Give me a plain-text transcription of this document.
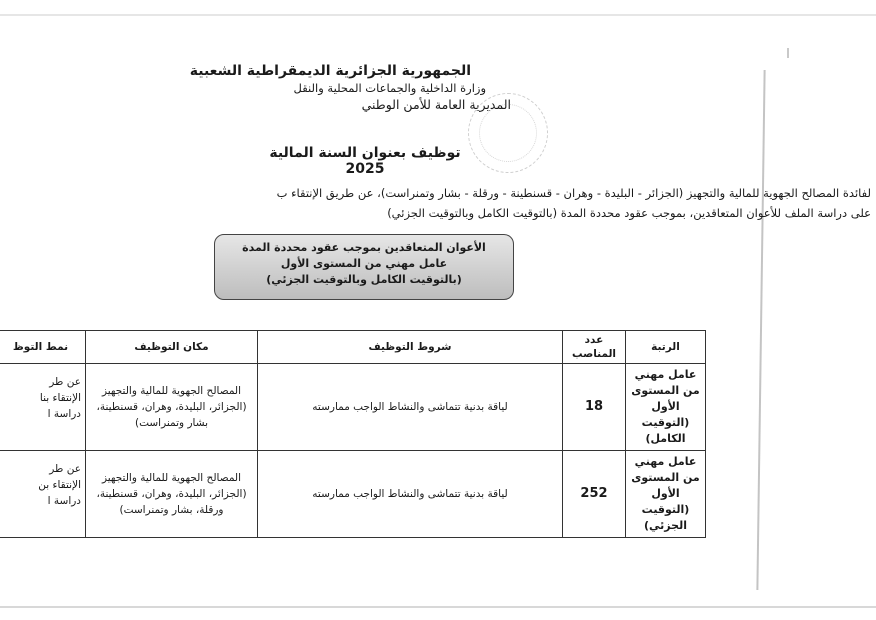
الجمهورية الجزائرية الديمقراطية الشعبية
وزارة الداخلية والجماعات المحلية والنقل
المديرية العامة للأمن الوطني
توظيف بعنوان السنة المالية 2025
لفائدة المصالح الجهوية للمالية والتجهيز (الجزائر - البليدة - وهران - قسنطينة - ورقلة - بشار وتمنراست)، عن طريق الإنتقاء ب
على دراسة الملف للأعوان المتعاقدين، بموجب عقود محددة المدة (بالتوقيت الكامل وبالتوقيت الجزئي)
الأعوان المتعاقدين بموجب عقود محددة المدة
عامل مهني من المستوى الأول
(بالتوقيت الكامل وبالتوقيت الجزئي)
الرتبة	عدد المناصب	شروط التوظيف	مكان التوظيف	نمط التوظ
عامل مهني من المستوى الأول (التوقيت الكامل)	18	لياقة بدنية تتماشى والنشاط الواجب ممارسته	المصالح الجهوية للمالية والتجهيز (الجزائر، البليدة، وهران، قسنطينة، بشار وتمنراست)	عن طر
الإنتقاء بنا
دراسة ا

عامل مهني من المستوى الأول (التوقيت الجزئي)	252	لياقة بدنية تتماشى والنشاط الواجب ممارسته	المصالح الجهوية للمالية والتجهيز (الجزائر، البليدة، وهران، قسنطينة، ورقلة، بشار وتمنراست)	عن طر
الإنتقاء بن
دراسة ا
